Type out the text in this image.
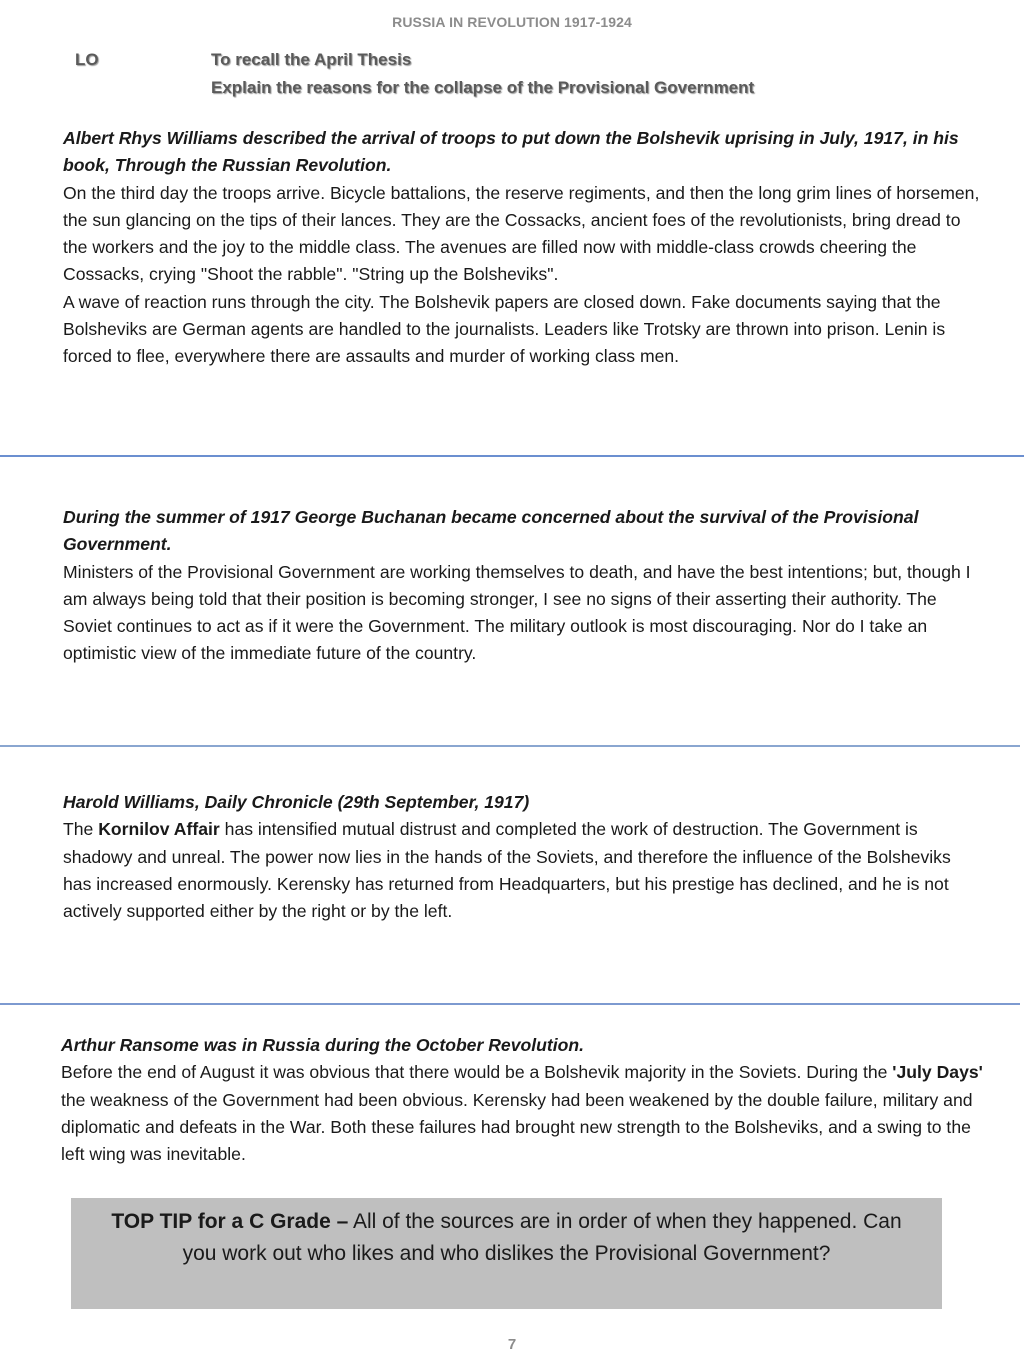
RUSSIA IN REVOLUTION 1917-1924
LO	To recall the April Thesis
Explain the reasons for the collapse of the Provisional Government
Albert Rhys Williams described the arrival of troops to put down the Bolshevik uprising in July, 1917, in his book, Through the Russian Revolution.
On the third day the troops arrive. Bicycle battalions, the reserve regiments, and then the long grim lines of horsemen, the sun glancing on the tips of their lances. They are the Cossacks, ancient foes of the revolutionists, bring dread to the workers and the joy to the middle class. The avenues are filled now with middle-class crowds cheering the Cossacks, crying "Shoot the rabble". "String up the Bolsheviks".
A wave of reaction runs through the city. The Bolshevik papers are closed down. Fake documents saying that the Bolsheviks are German agents are handled to the journalists. Leaders like Trotsky are thrown into prison. Lenin is forced to flee, everywhere there are assaults and murder of working class men.
During the summer of 1917 George Buchanan became concerned about the survival of the Provisional Government.
Ministers of the Provisional Government are working themselves to death, and have the best intentions; but, though I am always being told that their position is becoming stronger, I see no signs of their asserting their authority. The Soviet continues to act as if it were the Government. The military outlook is most discouraging. Nor do I take an optimistic view of the immediate future of the country.
Harold Williams, Daily Chronicle (29th September, 1917)
The Kornilov Affair has intensified mutual distrust and completed the work of destruction. The Government is shadowy and unreal. The power now lies in the hands of the Soviets, and therefore the influence of the Bolsheviks has increased enormously. Kerensky has returned from Headquarters, but his prestige has declined, and he is not actively supported either by the right or by the left.
Arthur Ransome was in Russia during the October Revolution.
Before the end of August it was obvious that there would be a Bolshevik majority in the Soviets. During the 'July Days' the weakness of the Government had been obvious. Kerensky had been weakened by the double failure, military and diplomatic and defeats in the War. Both these failures had brought new strength to the Bolsheviks, and a swing to the left wing was inevitable.
TOP TIP for a C Grade – All of the sources are in order of when they happened. Can you work out who likes and who dislikes the Provisional Government?
7
